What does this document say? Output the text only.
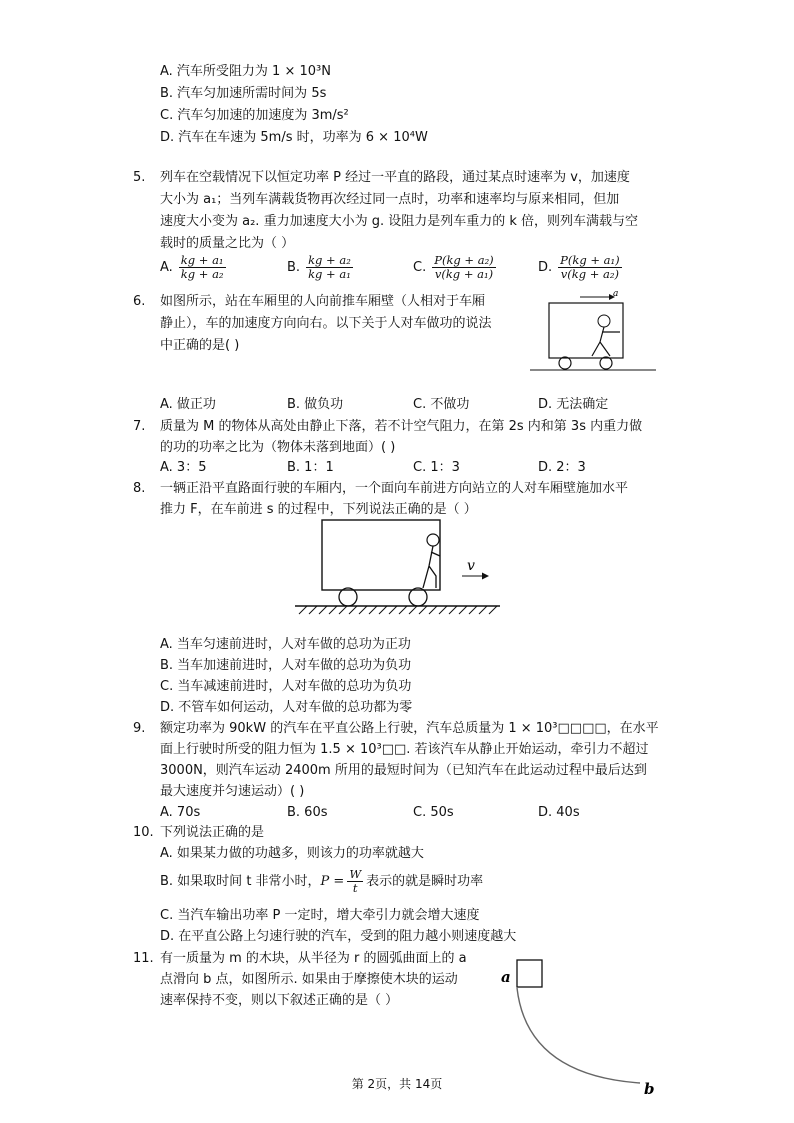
A. 汽车所受阻力为 1 × 10³N
B. 汽车匀加速所需时间为 5s
C. 汽车匀加速的加速度为 3m/s²
D. 汽车在车速为 5m/s 时，功率为 6 × 10⁴W
5. 列车在空载情况下以恒定功率 P 经过一平直的路段，通过某点时速率为 v，加速度
大小为 a₁；当列车满载货物再次经过同一点时，功率和速率均与原来相同，但加
速度大小变为 a₂. 重力加速度大小为 g. 设阻力是列车重力的 k 倍，则列车满载与空
载时的质量之比为（ ）
A. $\frac{\text{kg + a₁}}{\text{kg + a₂}}$	B. $\frac{\text{kg + a₂}}{\text{kg + a₁}}$	C. $\frac{\text{P(kg + a₂)}}{\text{v(kg + a₁)}}$	D. $\frac{\text{P(kg + a₁)}}{\text{v(kg + a₂)}}$
6. 如图所示，站在车厢里的人向前推车厢壁（人相对于车厢
静止），车的加速度方向向右。以下关于人对车做功的说法
中正确的是( )
a
A. 做正功	B. 做负功	C. 不做功	D. 无法确定
7. 质量为 M 的物体从高处由静止下落，若不计空气阻力，在第 2s 内和第 3s 内重力做
的功的功率之比为（物体未落到地面）( )
A. 3：5	B. 1：1	C. 1：3	D. 2：3
8. 一辆正沿平直路面行驶的车厢内，一个面向车前进方向站立的人对车厢壁施加水平
推力 F，在车前进 s 的过程中，下列说法正确的是（ ）
v
A. 当车匀速前进时，人对车做的总功为正功
B. 当车加速前进时，人对车做的总功为负功
C. 当车减速前进时，人对车做的总功为负功
D. 不管车如何运动，人对车做的总功都为零
9. 额定功率为 90kW 的汽车在平直公路上行驶，汽车总质量为 1 × 10³□□□□，在水平
面上行驶时所受的阻力恒为 1.5 × 10³□□. 若该汽车从静止开始运动，牵引力不超过
3000N，则汽车运动 2400m 所用的最短时间为（已知汽车在此运动过程中最后达到
最大速度并匀速运动）( )
A. 70s	B. 60s	C. 50s	D. 40s
10. 下列说法正确的是
A. 如果某力做的功越多，则该力的功率就越大
B. 如果取时间 t 非常小时，$P = \frac{W}{t}$ 表示的就是瞬时功率
C. 当汽车输出功率 P 一定时，增大牵引力就会增大速度
D. 在平直公路上匀速行驶的汽车，受到的阻力越小则速度越大
11. 有一质量为 m 的木块，从半径为 r 的圆弧曲面上的 a
点滑向 b 点，如图所示. 如果由于摩擦使木块的运动
速率保持不变，则以下叙述正确的是（ ）
a
b
第 2页，共 14页
